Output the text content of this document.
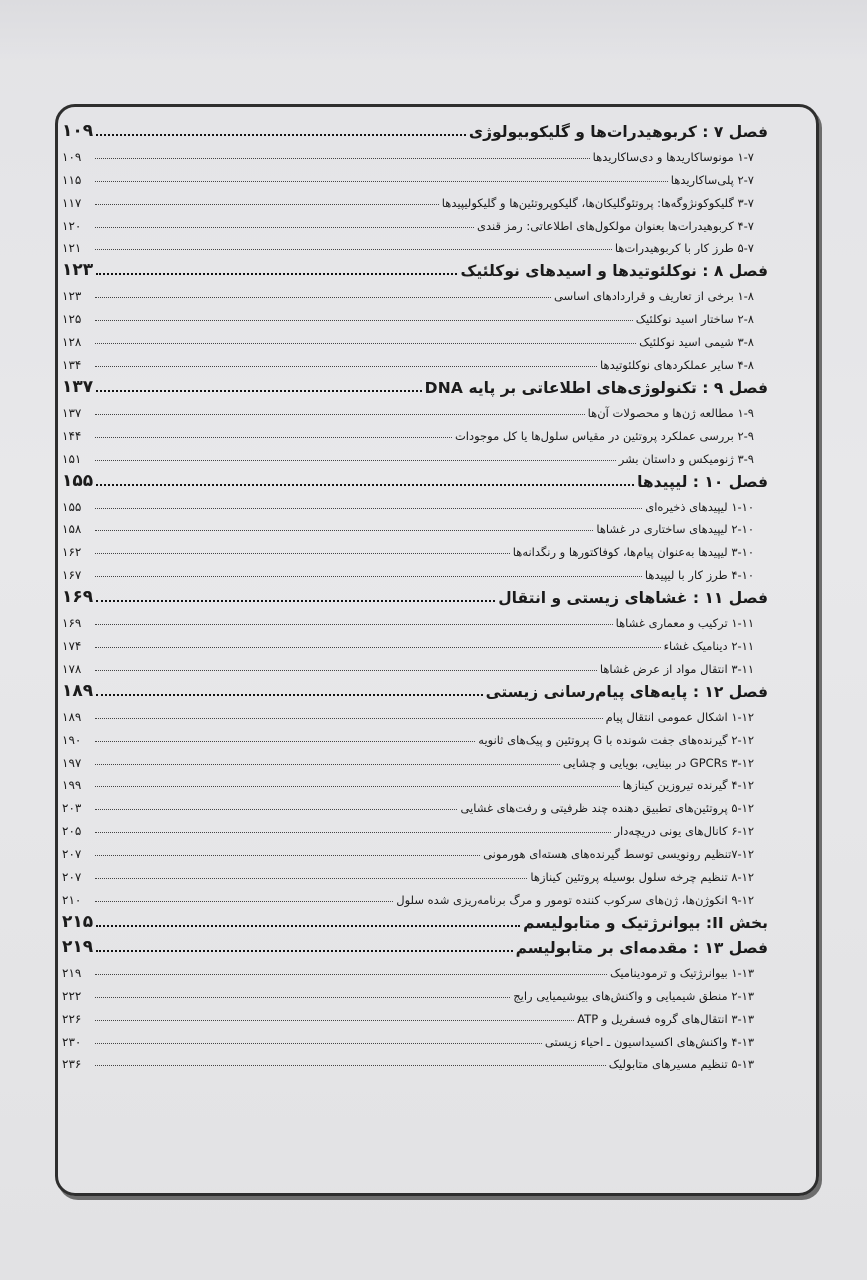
فصل ۷ : کربوهیدرات‌ها و گلیکوبیولوژی
۱۰۹
۱-۷ مونوساکاریدها و دی‌ساکاریدها
۱۰۹
۲-۷ پلی‌ساکاریدها
۱۱۵
۳-۷ گلیکوکونژوگه‌ها: پروتئوگلیکان‌ها، گلیکوپروتئین‌ها و گلیکولیپیدها
۱۱۷
۴-۷ کربوهیدرات‌ها بعنوان مولکول‌های اطلاعاتی: رمز قندی
۱۲۰
۵-۷ طرز کار با کربوهیدرات‌ها
۱۲۱
فصل ۸ : نوکلئوتیدها و اسیدهای نوکلئیک
۱۲۳
۱-۸ برخی از تعاریف و قراردادهای اساسی
۱۲۳
۲-۸ ساختار اسید نوکلئیک
۱۲۵
۳-۸ شیمی اسید نوکلئیک
۱۲۸
۴-۸ سایر عملکردهای نوکلئوتیدها
۱۳۴
فصل ۹ : تکنولوژی‌های اطلاعاتی بر پایه DNA
۱۳۷
۱-۹ مطالعه ژن‌ها و محصولات آن‌ها
۱۳۷
۲-۹ بررسی عملکرد پروتئین در مقیاس سلول‌ها یا کل موجودات
۱۴۴
۳-۹ ژنومیکس و داستان بشر
۱۵۱
فصل ۱۰ : لیپیدها
۱۵۵
۱-۱۰ لیپیدهای ذخیره‌ای
۱۵۵
۲-۱۰ لیپیدهای ساختاری در غشاها
۱۵۸
۳-۱۰ لیپیدها به‌عنوان پیام‌ها، کوفاکتورها و رنگدانه‌ها
۱۶۲
۴-۱۰ طرز کار با لیپیدها
۱۶۷
فصل ۱۱ : غشاهای زیستی و انتقال
۱۶۹
۱-۱۱ ترکیب و معماری غشاها
۱۶۹
۲-۱۱ دینامیک غشاء
۱۷۴
۳-۱۱ انتقال مواد از عرض غشاها
۱۷۸
فصل ۱۲ : پایه‌های پیام‌رسانی زیستی
۱۸۹
۱-۱۲ اشکال عمومی انتقال پیام
۱۸۹
۲-۱۲ گیرنده‌های جفت شونده با G پروتئین و پیک‌های ثانویه
۱۹۰
۳-۱۲ GPCRs در بینایی، بویایی و چشایی
۱۹۷
۴-۱۲ گیرنده تیروزین کینازها
۱۹۹
۵-۱۲ پروتئین‌های تطبیق دهنده چند ظرفیتی و رفت‌های غشایی
۲۰۳
۶-۱۲ کانال‌های یونی دریچه‌دار
۲۰۵
۷-۱۲تنظیم رونویسی توسط گیرنده‌های هسته‌ای هورمونی
۲۰۷
۸-۱۲ تنظیم چرخه سلول بوسیله پروتئین کینازها
۲۰۷
۹-۱۲ انکوژن‌ها، ژن‌های سرکوب کننده تومور و مرگ برنامه‌ریزی شده سلول
۲۱۰
بخش II: بیوانرژتیک و متابولیسم
۲۱۵
فصل ۱۳ : مقدمه‌ای بر متابولیسم
۲۱۹
۱-۱۳ بیوانرژتیک و ترمودینامیک
۲۱۹
۲-۱۳ منطق شیمیایی و واکنش‌های بیوشیمیایی رایج
۲۲۲
۳-۱۳ انتقال‌های گروه فسفریل و ATP
۲۲۶
۴-۱۳ واکنش‌های اکسیداسیون ـ احیاء زیستی
۲۳۰
۵-۱۳ تنظیم مسیرهای متابولیک
۲۳۶
